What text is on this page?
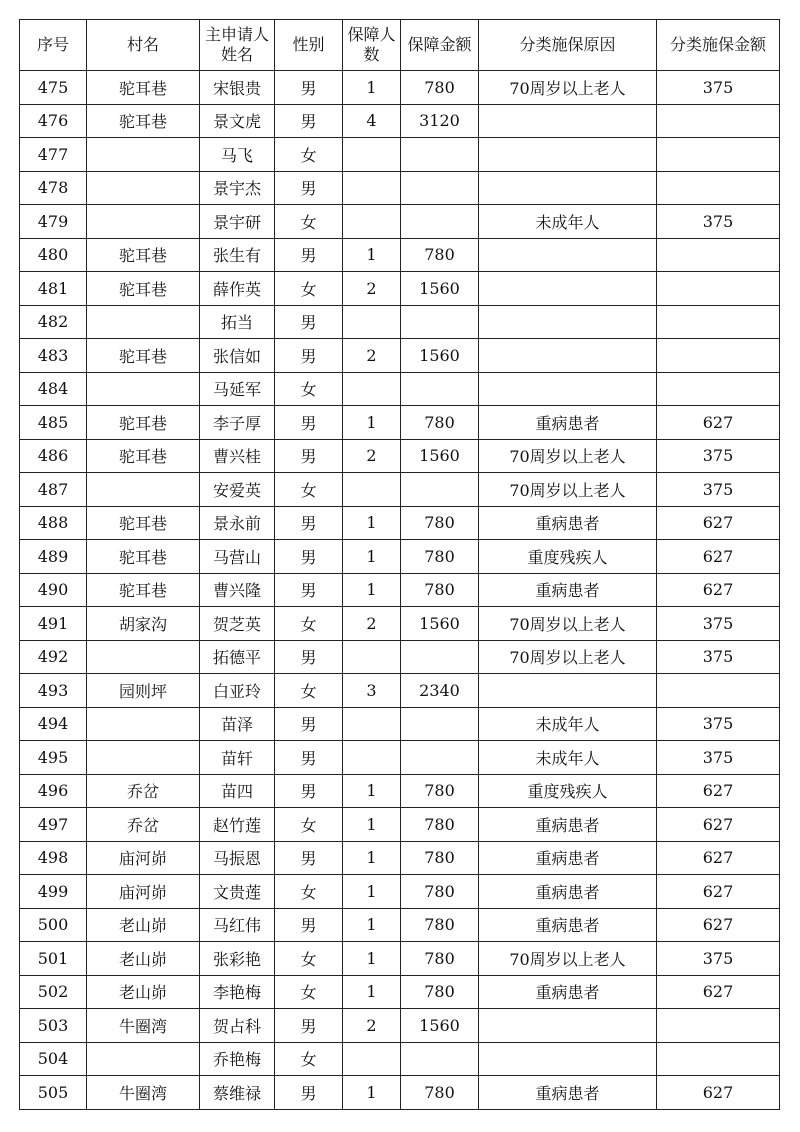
序号	村名	主申请人姓名	性别	保障人数	保障金额	分类施保原因	分类施保金额
475	驼耳巷	宋银贵	男	1	780	70周岁以上老人	375
476	驼耳巷	景文虎	男	4	3120		
477		马飞	女				
478		景宇杰	男				
479		景宇研	女			未成年人	375
480	驼耳巷	张生有	男	1	780		
481	驼耳巷	薛作英	女	2	1560		
482		拓当	男				
483	驼耳巷	张信如	男	2	1560		
484		马延军	女				
485	驼耳巷	李子厚	男	1	780	重病患者	627
486	驼耳巷	曹兴桂	男	2	1560	70周岁以上老人	375
487		安爱英	女			70周岁以上老人	375
488	驼耳巷	景永前	男	1	780	重病患者	627
489	驼耳巷	马营山	男	1	780	重度残疾人	627
490	驼耳巷	曹兴隆	男	1	780	重病患者	627
491	胡家沟	贺芝英	女	2	1560	70周岁以上老人	375
492		拓德平	男			70周岁以上老人	375
493	园则坪	白亚玲	女	3	2340		
494		苗泽	男			未成年人	375
495		苗轩	男			未成年人	375
496	乔岔	苗四	男	1	780	重度残疾人	627
497	乔岔	赵竹莲	女	1	780	重病患者	627
498	庙河峁	马振恩	男	1	780	重病患者	627
499	庙河峁	文贵莲	女	1	780	重病患者	627
500	老山峁	马红伟	男	1	780	重病患者	627
501	老山峁	张彩艳	女	1	780	70周岁以上老人	375
502	老山峁	李艳梅	女	1	780	重病患者	627
503	牛圈湾	贺占科	男	2	1560		
504		乔艳梅	女				
505	牛圈湾	蔡维禄	男	1	780	重病患者	627
